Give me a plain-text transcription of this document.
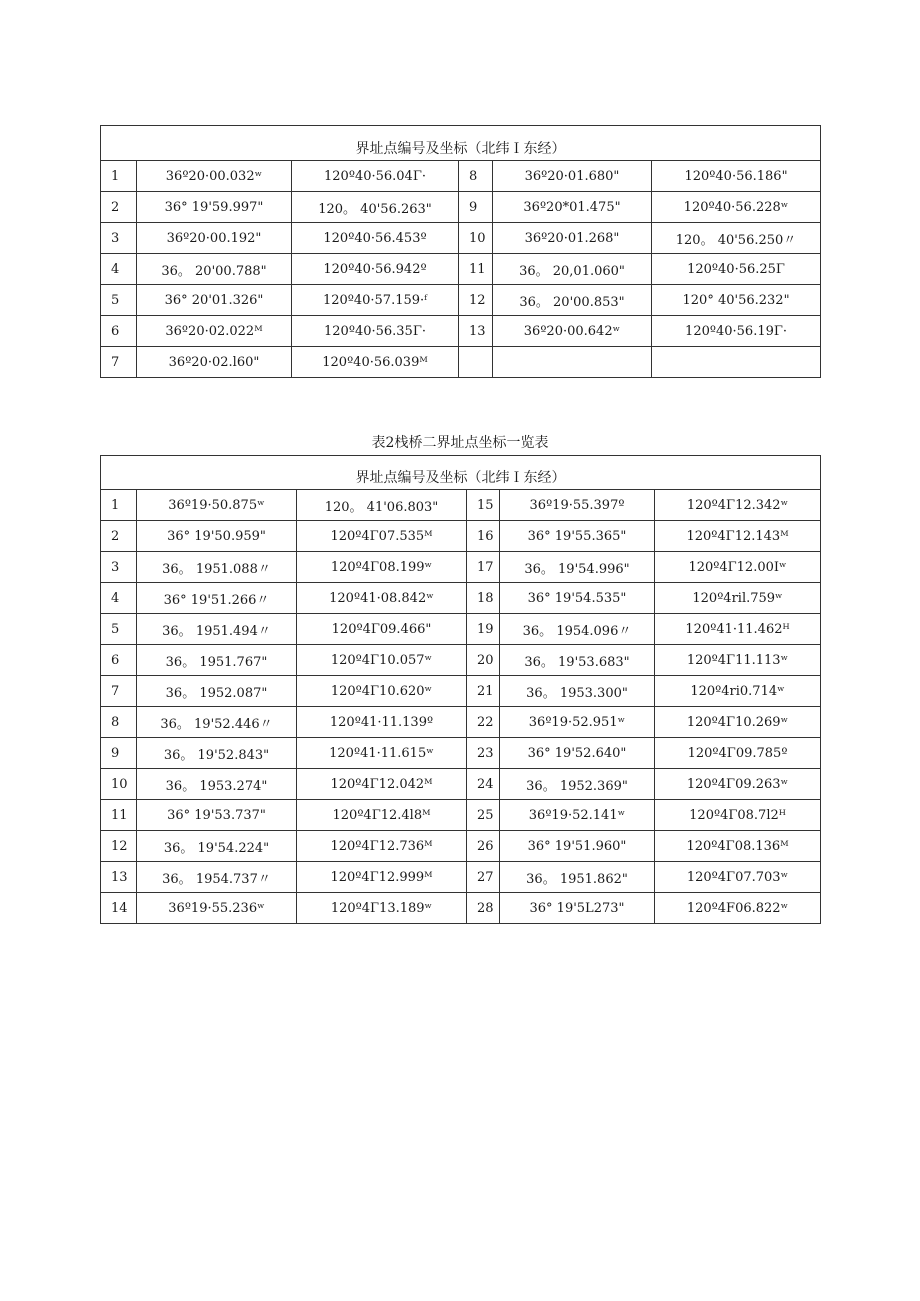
界址点编号及坐标（北纬Ｉ东经）					
1	36º20·00.032ʷ	120º40·56.04Γ·	8	36º20·01.680"	120º40·56.186"
2	36° 19'59.997"	120。 40'56.263"	9	36º20*01.475"	120º40·56.228ʷ
3	36º20·00.192"	120º40·56.453º	10	36º20·01.268"	120。 40'56.250〃
4	36。 20'00.788"	120º40·56.942º	11	36。 20,01.060"	120º40·56.25Γ
5	36° 20'01.326"	120º40·57.159·ᶠ	12	36。 20'00.853"	120° 40'56.232"
6	36º20·02.022ᴹ	120º40·56.35Γ·	13	36º20·00.642ʷ	120º40·56.19Γ·
7	36º20·02.l60"	120º40·56.039ᴹ			
表2栈桥二界址点坐标一览表
界址点编号及坐标（北纬Ｉ东经）					
1	36º19·50.875ʷ	120。 41'06.803"	15	36º19·55.397º	120º4Γ12.342ʷ
2	36° 19'50.959"	120º4Γ07.535ᴹ	16	36° 19'55.365"	120º4Γ12.143ᴹ
3	36。 1951.088〃	120º4Γ08.199ʷ	17	36。 19'54.996"	120º4Γ12.00Iʷ
4	36° 19'51.266〃	120º41·08.842ʷ	18	36° 19'54.535"	120º4ril.759ʷ
5	36。 1951.494〃	120º4Γ09.466"	19	36。 1954.096〃	120º41·11.462ᴴ
6	36。 1951.767"	120º4Γ10.057ʷ	20	36。 19'53.683"	120º4Γ11.113ʷ
7	36。 1952.087"	120º4Γ10.620ʷ	21	36。 1953.300"	120º4ri0.714ʷ
8	36。 19'52.446〃	120º41·11.139º	22	36º19·52.951ʷ	120º4Γ10.269ʷ
9	36。 19'52.843"	120º41·11.615ʷ	23	36° 19'52.640"	120º4Γ09.785º
10	36。 1953.274"	120º4Γ12.042ᴹ	24	36。 1952.369"	120º4Γ09.263ʷ
11	36° 19'53.737"	120º4Γ12.4l8ᴹ	25	36º19·52.141ʷ	120º4Γ08.7l2ᴴ
12	36。 19'54.224"	120º4Γ12.736ᴹ	26	36° 19'51.960"	120º4Γ08.136ᴹ
13	36。 1954.737〃	120º4Γ12.999ᴹ	27	36。 1951.862"	120º4Γ07.703ʷ
14	36º19·55.236ʷ	120º4Γ13.189ʷ	28	36° 19'5L273"	120º4F06.822ʷ
